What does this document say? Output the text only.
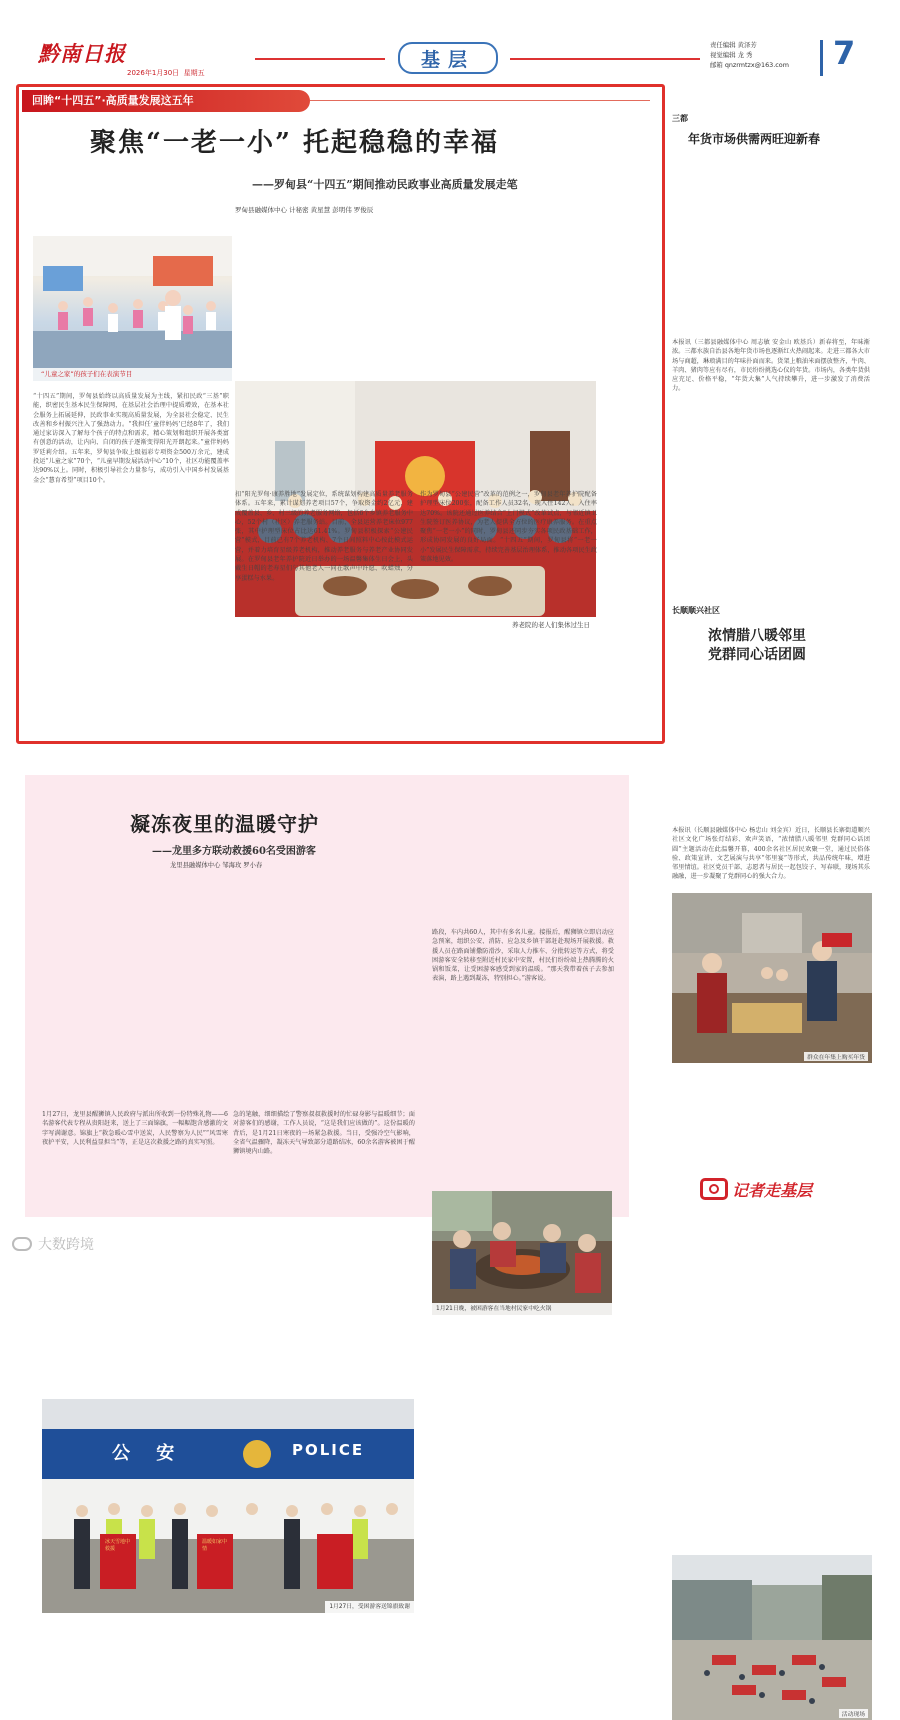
黔南日报
2026年1月30日 星期五
基层
责任编辑 黄泽芳
视觉编辑 龙 秀
邮箱 qnzrmtzx@163.com 7
回眸“十四五”·高质量发展这五年
聚焦“一老一小” 托起稳稳的幸福
——罗甸县“十四五”期间推动民政事业高质量发展走笔
罗甸县融媒体中心 计秘密 黄星慧 彭明伟 罗俊辰
“儿童之家”的孩子们在表演节目
养老院的老人们集体过生日
“十四五”期间，罗甸县始终以高质量发展为主线，紧扣民政“三基”职能，织密民生基本民生保障网，在基层社会治理中提质增效，在基本社会服务上拓展延伸，民政事业实现高质量发展，为全县社会稳定、民生改善和乡村振兴注入了强劲动力。“我担任‘童伴妈妈’已经8年了，我们通过家访深入了解每个孩子的特点和需求，精心策划和组织开展各类富有创意的活动，让内向、自闭的孩子逐渐变得阳光开朗起来。”童伴妈妈罗廷莉介绍。五年来，罗甸县争取上级福彩专项资金500万余元，建成投运“儿童之家”70个，“儿童早期发展活动中心”10个，社区功能覆盖率达90%以上。同时，积极引导社会力量参与，成功引入中国乡村发展基金会“慧育希望”项目10个。
扣“阳光罗甸·康养胜地”发展定位，系统谋划构建高质量养老服务体系。五年来，累计谋划养老项目57个，争取资金约2亿元，建成覆盖县、乡、村三级的养老服务网络，包括6个乡镇养老服务中心，52个村（社区）养老服务站。目前，全县运营养老床位977张，其中护理型床位占比达61.41%。罗甸县积极探索“公建民营”模式，目前已有7个养老机构、7个日间照料中心按此模式运营，并着力培育星级养老机构，推动养老服务与养老产业协同发展。在罗甸县老年养护院近日举办的一场温馨集体生日会上，头戴生日帽的老寿星们与其他老人一同在歌声中许愿、吹蜡烛，分享蛋糕与水果。
作为罗甸县“公建民营”改革的范例之一，罗甸县老年养护院配备护理型床位200张，配备工作人员32名，现入住142人。入住率达70%。该院还通过医养结合“上门模式”改革试点，与邻近镇卫生院签订医养协议，为老人提供全方位的医疗康养服务。在重点聚焦“一老一小”的同时，罗甸县还同步夯实各项民政基础工作，形成协同发展的良好局面。“十四五”期间，罗甸县将“一老一小”发展民生保障需求，持续完善基层治理体系，推动各项民生政策落地见效。
凝冻夜里的温暖守护
——龙里多方联动救援60名受困游客
龙里县融媒体中心 邹海玫 罗小春
1月21日晚，被困游客在当地村民家中吃火锅
公 安	POLICE
冰天雪地中救援
温暖如家中情
1月27日，受困游客送锦旗致谢
1月27日，龙里县醒狮镇人民政府与派出所收到一份特殊礼物——6名游客代表专程从贵阳赶来，送上了三面锦旗，一幅幅饱含感激的文字写满谢意。锦旗上“救急暖心雪中送炭，人民警察为人民”“风雪寒夜护平安，人民利益显担当”等，正是这次救援之路的真实写照。
急的笔触，细细描绘了警察叔叔救援时的忙碌身影与温暖细节；面对游客们的感谢，工作人员说，“这是我们应该做的”。这份温暖的背后，是1月21日寒夜的一场紧急救援。当日，受强冷空气影响，全省气温骤降，凝冻天气导致部分道路结冰，60余名游客被困于醒狮镇境内山路。
路段，车内共60人，其中有多名儿童。接报后，醒狮镇立即启动应急预案，组织公安、消防、应急及乡镇干部赶赴现场开展救援。救援人员在路面铺撒防滑沙，采取人力推车、分批转运等方式，将受困游客安全转移至附近村民家中安置，村民们纷纷端上热腾腾的火锅和饭菜，让受困游客感受到家的温暖。“那天我带着孩子去参加表演，路上遇到凝冻，特别担心。”游客说。
三都
年货市场供需两旺迎新春
群众在年集上购买年货
本报讯（三都县融媒体中心 周志敏 安金山 欧基兵）新春将至，年味渐浓。三都水族自治县各地年货市场也逐渐红火热闹起来。走进三都各大市场与商超，琳琅满目的年味扑面而来。货架上粮油米面摆放整齐，牛肉、羊肉、猪肉等应有尽有，市民纷纷挑选心仪的年货。市场内，各类年货供应充足、价格平稳，“年货大集”人气持续攀升，进一步激发了消费活力。
长顺顺兴社区
浓情腊八暖邻里
党群同心话团圆
活动现场
本报讯（长顺县融媒体中心 杨忠山 刘金宾）近日，长顺县长寨街道顺兴社区文化广场张灯结彩、欢声笑语，“浓情腊八暖邻里 党群同心话团圆”主题活动在此温馨开幕，400余名社区居民欢聚一堂，通过民俗体验、政策宣讲、文艺展演与共享“邻里宴”等形式，共品传统年味，增进邻里情谊。社区党员干部、志愿者与居民一起包饺子、写春联，现场其乐融融，进一步凝聚了党群同心的强大合力。
记者走基层
大数跨境
